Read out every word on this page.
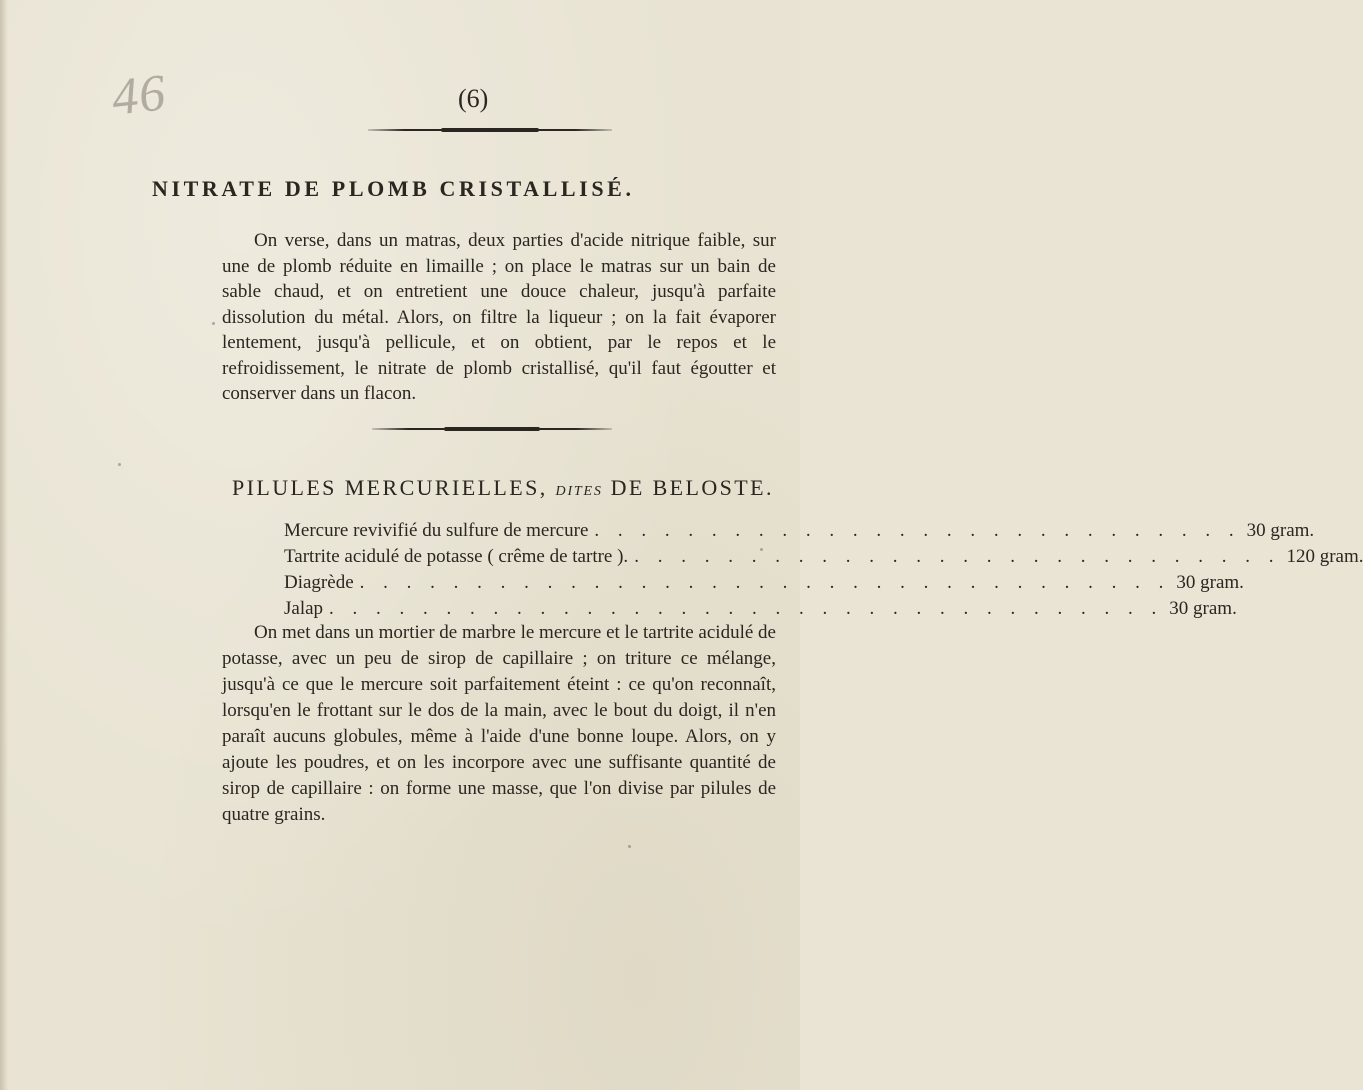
46	(6)
NITRATE DE PLOMB CRISTALLISÉ.

On verse, dans un matras, deux parties d'acide nitrique faible, sur une de plomb réduite en limaille ; on place le matras sur un bain de sable chaud, et on entretient une douce chaleur, jusqu'à parfaite dissolution du métal. Alors, on filtre la liqueur ; on la fait évaporer lentement, jusqu'à pellicule, et on obtient, par le repos et le refroidissement, le nitrate de plomb cristallisé, qu'il faut égoutter et conserver dans un flacon.

PILULES MERCURIELLES, DITES DE BELOSTE.
Mercure revivifié du sulfure de mercure . . . . . . . . . . . . . . . . . . . . . . . . . . . . 30 gram.
Tartrite acidulé de potasse ( crême de tartre ). . . . . . . . . . . . . . . . . . . . . . . . . . . . . 120 gram.
Diagrède . . . . . . . . . . . . . . . . . . . . . . . . . . . . . . . . . . . 30 gram.
Jalap . . . . . . . . . . . . . . . . . . . . . . . . . . . . . . . . . . . . 30 gram.

On met dans un mortier de marbre le mercure et le tartrite acidulé de potasse, avec un peu de sirop de capillaire ; on triture ce mélange, jusqu'à ce que le mercure soit parfaitement éteint : ce qu'on reconnaît, lorsqu'en le frottant sur le dos de la main, avec le bout du doigt, il n'en paraît aucuns globules, même à l'aide d'une bonne loupe. Alors, on y ajoute les poudres, et on les incorpore avec une suffisante quantité de sirop de capillaire : on forme une masse, que l'on divise par pilules de quatre grains.
